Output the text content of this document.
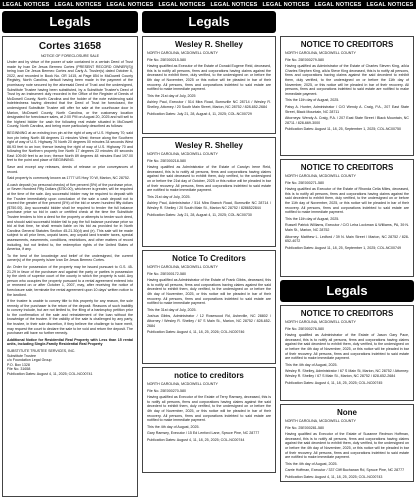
LEGAL NOTICES LEGAL NOTICES LEGAL NOTICES LEGAL NOTICES LEGAL NOTICES LEGAL NOTICES LEGAL NOTICES LEGAL NOTICES
Legals
Cortes 31658
NOTICE OF FORECLOSURE SALE

Under and by virtue of the power of sale contained in a certain Deed of Trust made by Ivan De Jesus Bermeo Cortes (PRESENT RECORD OWNER(S)) being Ivan De Jesus Bermeo Cortes and Carly A. Trusler(s) dated October 6, 2022, and recorded in Book No. OR 1415, at Page 854 in McDowell County Registry, North Carolina, default having been made in the payment of the promissory note secured by the aforesaid Deed of Trust and the undersigned, Substitute Trustee having been substituted, by a Substitute Trustee's Deed of Trust by an instrument duly recorded in the Office of the Register of Deeds of McDowell County, North Carolina and the holder of the note evidencing said indebtedness having directed that the Deed of Trust be foreclosed, the undersigned Substitute Trustee will offer for sale at the courthouse door in Marion, McDowell County, North Carolina, or the customary location designated for foreclosure sales, at 2:00 PM on August 20, 2025 and will sell to the highest bidder for cash the following real estate situated in McDowell County, North Carolina, and being more particularly described as follows:

BEGINNING at an existing iron pin at the right of way of U.S. Highway 70; said iron pin being North 88 degrees 11 minutes West; thence along the Southern right of way of U.S. Highway 70 North 20 degrees 00 minutes 34 seconds West 86.93 feet to an iron; thence leaving the right of way of U.S. Highway 70 and following the Northern property line North 17 degrees 22 minutes 49 seconds East 109.69 feet to an iron; thence North 89 degrees 48 minutes East 197.00 feet to the point and place of BEGINNING.

Save and except any releases, deeds of release or prior conveyances of record.

Said property is commonly known as 1777 US Hwy 70 W, Marion, NC 28752.

A cash deposit (no personal checks) of five percent (5%) of the purchase price, or Seven Hundred Fifty Dollars ($750.00), whichever is greater, will be required at the time of the sale. Any successful bidder may be required to deposit with the Trustee immediately upon conclusion of the sale a cash deposit not to exceed the greater of five percent (5%) of the bid or seven hundred fifty dollars ($750.00). Any successful bidder shall be required to tender the full balance purchase price so bid in cash or certified check at the time the Substitute Trustee tenders to him a deed for the property or attempts to tender such deed, and should said successful bidder fail to pay the full balance purchase price so bid at that time, he shall remain liable on his bid as provided for in North Carolina General Statutes Section 45-21.30(d) and (e). This sale will be made subject to all prior liens, unpaid taxes, any unpaid land transfer taxes, special assessments, easements, conditions, restrictions, and other matters of record including, but not limited to, the redemption rights of the United States of America, if any.

To the best of the knowledge and belief of the undersigned, the current owner(s) of the property is/are Ivan De Jesus Bermeo Cortes.

An Order for possession of the property may be issued pursuant to G.S. 45-21.29 in favor of the purchaser and against the party or parties in possession by the clerk of superior court of the county in which the property is sold. Any person who occupies the property pursuant to a rental agreement entered into or renewed on or after October 1, 2007, may, after receiving the notice of foreclosure sale, terminate the rental agreement upon 10 days' written notice to the landlord.

If the trustee is unable to convey title to this property for any reason, the sole remedy of the purchaser is the return of the deposit. Reasons of such inability to convey include, but are not limited to, the filing of a bankruptcy petition prior to the confirmation of the sale and reinstatement of the loan without the knowledge of the trustee. If the validity of the sale is challenged by any party, the trustee, in their sole discretion, if they believe the challenge to have merit, may request the court to declare the sale to be void and return the deposit. The purchaser will have no further remedy.

Additional Notice for Residential Real Property with Less than 15 rental units, including Single-Family Residential Real Property

SUBSTITUTE TRUSTEE SERVICES, INC.

Substitute Trustee

c/o Foundation Legal Group

P.O. Box 1328

File No. 31658

Publication Dates: August 4, 11, 2025; COL-NC00741

Legals
Wesley R. Shelley

NORTH CAROLINA, MCDOWELL COUNTY

File No. 25E000215-580

Having qualified as Executor of the Estate of Donald Eugene Reid, deceased, this is to notify all persons, firms and corporations having claims against the deceased to exhibit them, duly verified, to the undersigned on or before the 6th day of November, 2025 or this notice will be pleaded in bar of their recovery. All persons, firms and corporations indebted to said estate are notified to make immediate payment.

This the 21st day of July, 2025

Ashley Paul, Executor / 514 Mira Road, Burnsville NC 28714 / Wesley R. Shelley, Attorney / 20 South Main Street, Marion, NC 28752 / 828-652-2684

Publication Dates: July 21, 28, August 4, 11, 2025; COL-NC00729

Wesley R. Shelley

NORTH CAROLINA, MCDOWELL COUNTY

File No. 25E000218-580

Having qualified as Administrator of the Estate of Carolyn Irene Reid, deceased, this is to notify all persons, firms and corporations having claims against the said deceased to exhibit them, duly verified, to the undersigned on or before the 21st day of October, 2025 or this notice will be pleaded in bar of their recovery. All persons, firms and corporations indebted to said estate are notified to make immediate payment.

This 21st day of July, 2025.

Ashley Paul, Administrator / 514 Mira Branch Road, Burnsville NC 28714 / Wesley R. Shelley / 20 South Main St., Marion NC 28752 / 8286522844

Publication Dates: July 21, 28, August 4, 11, 2025; COL-NC00730

Notice To Creditors

NORTH CAROLINA, MCDOWELL COUNTY

File No. 25E000172-580

Having qualified as Administrator of the Estate of Frank Gibbs, deceased, this is to notify all persons, firms and corporations having claims against the said decedent to exhibit them, duly verified, to the undersigned on or before the 4th day of November, 2025, or this notice will be pleaded in bar of their recovery. All persons, firms and corporations indebted to said estate are notified to make immediate payment.

This the 31st day of July, 2025.

Joshua Gibbs, Administrator / 12 Rosewood Rd, Asheville, NC 28802 / Attorney / Wesley R. Shelley / 67 S Main St., Marion, NC 28752 / 828-652-2684

Publication Dates: August 4, 11, 18, 25, 2026; COL-NC00746

notice to creditors

NORTH CAROLINA, MCDOWELL COUNTY

File No. 25E000270-580

Having qualified as Executor of the Estate of Terry Ramsey, deceased, this is to notify all persons, firms and corporations having claims against the said decedent to exhibit them, duly verified, to the undersigned on or before the 4th day of November, 2025, or this notice will be pleaded in bar of their recovery. All persons, firms and corporations indebted to said estate are notified to make immediate payment.

This the 4th day of August, 2025.

Gary Ramsey, Executor / 15 Ed Lenford Lane, Spruce Pine, NC 28777

Publication Dates: August 4, 11, 18, 25, 2025; COL-NC00744

NOTICE TO CREDITORS

NORTH CAROLINA, MCDOWELL COUNTY

File No. 25E000279-580

Having qualified as Administrator of the Estate of Charles Steven King, a/k/a Charles Stephen King, a/k/a Steve King deceased, this is to notify all persons, firms and corporations having claims against the said decedent to exhibit them, duly verified, to the undersigned on or before the 11th day of November, 2025, or this notice will be pleaded in bar of their recovery. All persons, firms and corporations indebted to said estate are notified to make immediate payment.

This the 11th day of August, 2025.

Patsy A. Hunter, Administrator / C/O Wendy A. Craig, P.A., 207 East State Street, Black Mountain, NC 28711

Attorneys: Wendy A. Craig, P.A. / 207 East State Street / Black Mountain, NC 28711 / 828-669-3000

Publication Dates: August 11, 18, 25, September 1, 2025; COL-NC00750

NOTICE TO CREDITORS

NORTH CAROLINA, MCDOWELL COUNTY

File No. 25E000271-580

Having qualified as Executor of the Estate of Rhonda Celia Miles, deceased, this is to notify all persons, firms and corporations having claims against the said decedent to exhibit them, duly verified, to the undersigned on or before the 11th day of November, 2025, or this notice will be pleaded in bar of their recovery. All persons, firms and corporations indebted to said estate are notified to make immediate payment.

This the 11th day of August, 2025.

Russell Patrick Williams, Executor / C/O Leha Lockman & Williams, PA, 39 N. Main St., Marion, NC 28752

Attorney: Matthew L. Ledford / 39 N. Main Street / Marion, NC 28752 / 828-652-4072

Publication Dates: August 11, 18, 25, September 1, 2025; COL-NC00749

Legals
NOTICE TO CREDITORS

NORTH CAROLINA, MCDOWELL COUNTY

File No. 25E000276-580

Having qualified as Administrator of the Estate of Jason Gary Pace, deceased, this is to notify all persons, firms and corporations having claims against the said decedent to exhibit them, duly verified, to the undersigned on or before the 4th day of November, 2025, or this notice will be pleaded in bar of their recovery. All persons, firms and corporations indebted to said estate are notified to make immediate payment.

This the 4th day of August, 2025.

Wesley R. Shelley, Administrator / 67 S Main St, Marion, NC 28752 / Attorney: Wesley R. Shelley / 67 S Main St., Marion, NC 28752 / 828-652-2684

Publication Dates: August 4, 11, 18, 25, 2025; COL-NC00745

None

NORTH CAROLINA, MCDOWELL COUNTY

File No. 25E000281-580

Having qualified as Executor of the Estate of Suzanne Redmon Hoffman, deceased, this is to notify all persons, firms and corporations having claims against the said decedent to exhibit them, duly verified, to the undersigned on or before the 4th day of November, 2025, or this notice will be pleaded in bar of their recovery. All persons, firms and corporations indebted to said estate are notified to make immediate payment.

This the 4th day of August, 2025.

Carrie Hoffman, Executor / 337 Cliff Buchanan Rd, Spruce Pine, NC 28777

Publication Dates: August 4, 11, 18, 25, 2025; COL-NC00743
